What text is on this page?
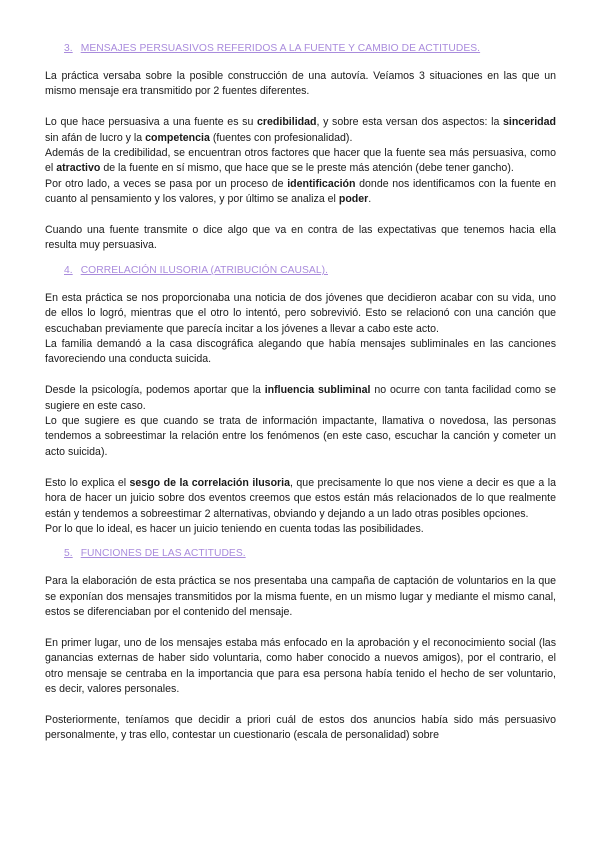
3. MENSAJES PERSUASIVOS REFERIDOS A LA FUENTE Y CAMBIO DE ACTITUDES.

La práctica versaba sobre la posible construcción de una autovía. Veíamos 3 situaciones en las que un mismo mensaje era transmitido por 2 fuentes diferentes.

Lo que hace persuasiva a una fuente es su credibilidad, y sobre esta versan dos aspectos: la sinceridad sin afán de lucro y la competencia (fuentes con profesionalidad).

Además de la credibilidad, se encuentran otros factores que hacer que la fuente sea más persuasiva, como el atractivo de la fuente en sí mismo, que hace que se le preste más atención (debe tener gancho).

Por otro lado, a veces se pasa por un proceso de identificación donde nos identificamos con la fuente en cuanto al pensamiento y los valores, y por último se analiza el poder.

Cuando una fuente transmite o dice algo que va en contra de las expectativas que tenemos hacia ella resulta muy persuasiva.

4. CORRELACIÓN ILUSORIA (ATRIBUCIÓN CAUSAL).

En esta práctica se nos proporcionaba una noticia de dos jóvenes que decidieron acabar con su vida, uno de ellos lo logró, mientras que el otro lo intentó, pero sobrevivió. Esto se relacionó con una canción que escuchaban previamente que parecía incitar a los jóvenes a llevar a cabo este acto.

La familia demandó a la casa discográfica alegando que había mensajes subliminales en las canciones favoreciendo una conducta suicida.

Desde la psicología, podemos aportar que la influencia subliminal no ocurre con tanta facilidad como se sugiere en este caso.

Lo que sugiere es que cuando se trata de información impactante, llamativa o novedosa, las personas tendemos a sobreestimar la relación entre los fenómenos (en este caso, escuchar la canción y cometer un acto suicida).

Esto lo explica el sesgo de la correlación ilusoria, que precisamente lo que nos viene a decir es que a la hora de hacer un juicio sobre dos eventos creemos que estos están más relacionados de lo que realmente están y tendemos a sobreestimar 2 alternativas, obviando y dejando a un lado otras posibles opciones.

Por lo que lo ideal, es hacer un juicio teniendo en cuenta todas las posibilidades.

5. FUNCIONES DE LAS ACTITUDES.

Para la elaboración de esta práctica se nos presentaba una campaña de captación de voluntarios en la que se exponían dos mensajes transmitidos por la misma fuente, en un mismo lugar y mediante el mismo canal, estos se diferenciaban por el contenido del mensaje.

En primer lugar, uno de los mensajes estaba más enfocado en la aprobación y el reconocimiento social (las ganancias externas de haber sido voluntaria, como haber conocido a nuevos amigos), por el contrario, el otro mensaje se centraba en la importancia que para esa persona había tenido el hecho de ser voluntario, es decir, valores personales.

Posteriormente, teníamos que decidir a priori cuál de estos dos anuncios había sido más persuasivo personalmente, y tras ello, contestar un cuestionario (escala de personalidad) sobre
